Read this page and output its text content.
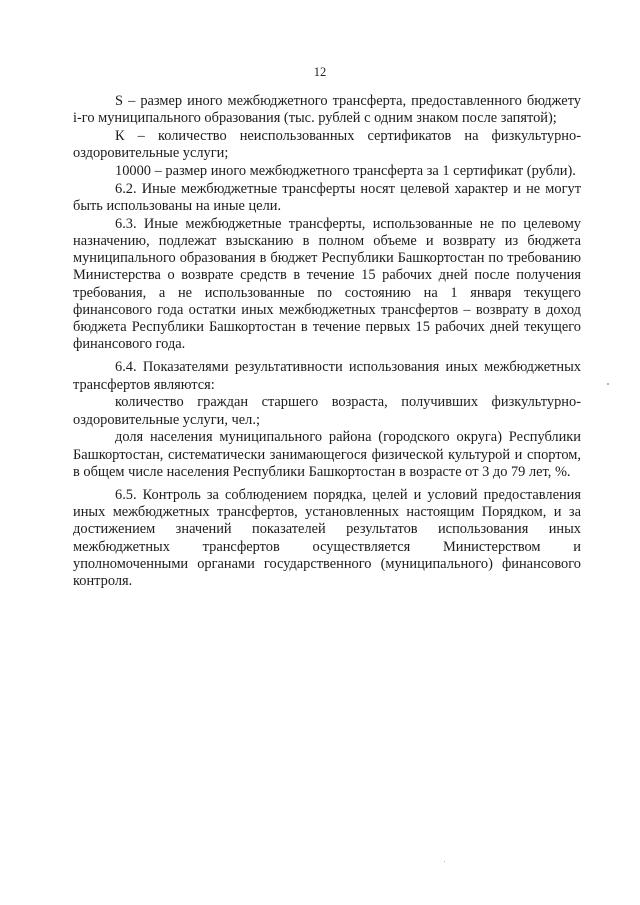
12

S – размер иного межбюджетного трансферта, предоставленного бюджету i-го муниципального образования (тыс. рублей с одним знаком после запятой);

К – количество неиспользованных сертификатов на физкультурно-оздоровительные услуги;

10000 – размер иного межбюджетного трансферта за 1 сертификат (рубли).

6.2. Иные межбюджетные трансферты носят целевой характер и не могут быть использованы на иные цели.

6.3. Иные межбюджетные трансферты, использованные не по целевому назначению, подлежат взысканию в полном объеме и возврату из бюджета муниципального образования в бюджет Республики Башкортостан по требованию Министерства о возврате средств в течение 15 рабочих дней после получения требования, а не использованные по состоянию на 1 января текущего финансового года остатки иных межбюджетных трансфертов – возврату в доход бюджета Республики Башкортостан в течение первых 15 рабочих дней текущего финансового года.

6.4. Показателями результативности использования иных межбюджетных трансфертов являются:

количество граждан старшего возраста, получивших физкультурно-оздоровительные услуги, чел.;

доля населения муниципального района (городского округа) Республики Башкортостан, систематически занимающегося физической культурой и спортом, в общем числе населения Республики Башкортостан в возрасте от 3 до 79 лет, %.

6.5. Контроль за соблюдением порядка, целей и условий предоставления иных межбюджетных трансфертов, установленных настоящим Порядком, и за достижением значений показателей результатов использования иных межбюджетных трансфертов осуществляется Министерством и уполномоченными органами государственного (муниципального) финансового контроля.
